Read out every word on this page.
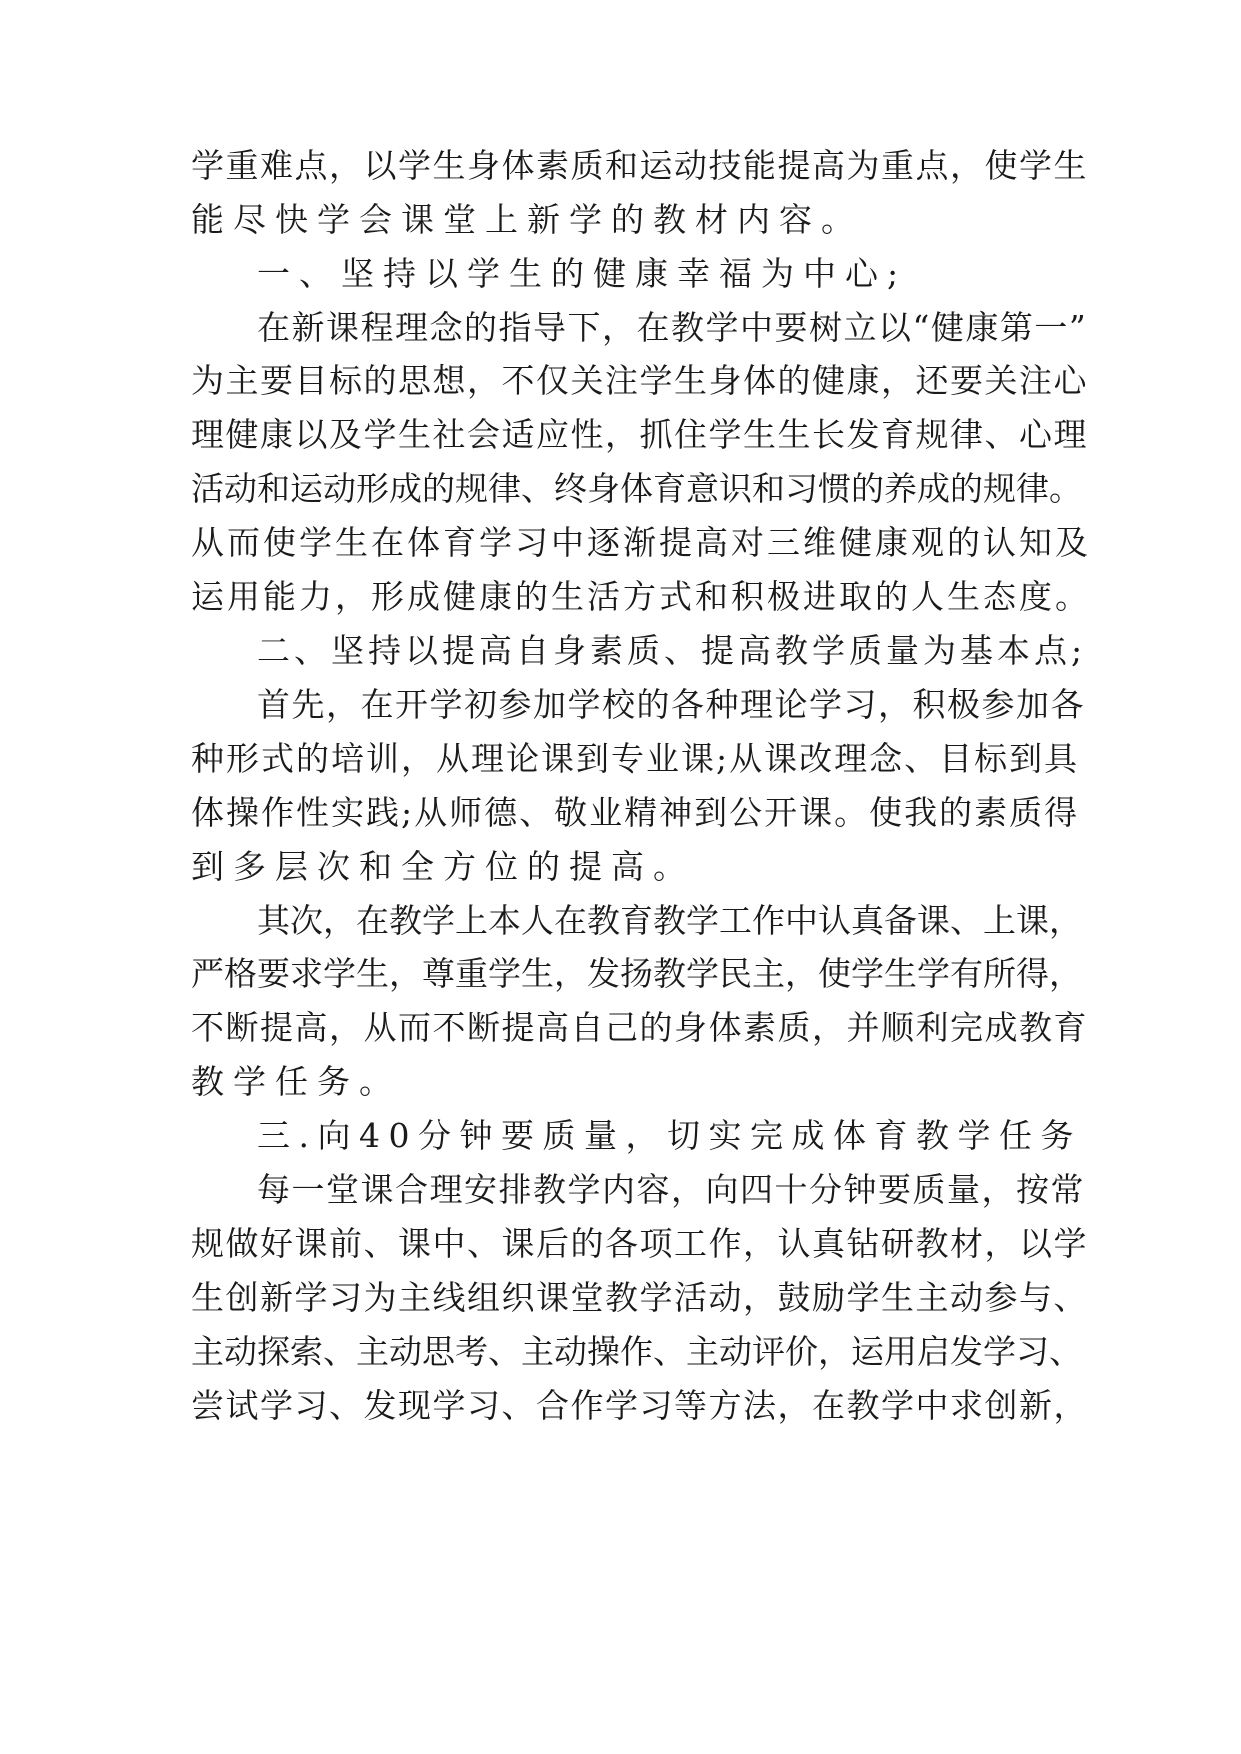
学重难点，以学生身体素质和运动技能提高为重点，使学生
能尽快学会课堂上新学的教材内容。
一、坚持以学生的健康幸福为中心;
在新课程理念的指导下，在教学中要树立以“健康第一”
为主要目标的思想，不仅关注学生身体的健康，还要关注心
理健康以及学生社会适应性，抓住学生生长发育规律、心理
活动和运动形成的规律、终身体育意识和习惯的养成的规律。
从而使学生在体育学习中逐渐提高对三维健康观的认知及
运用能力，形成健康的生活方式和积极进取的人生态度。
二、坚持以提高自身素质、提高教学质量为基本点;
首先，在开学初参加学校的各种理论学习，积极参加各
种形式的培训，从理论课到专业课;从课改理念、目标到具
体操作性实践;从师德、敬业精神到公开课。使我的素质得
到多层次和全方位的提高。
其次，在教学上本人在教育教学工作中认真备课、上课，
严格要求学生，尊重学生，发扬教学民主，使学生学有所得，
不断提高，从而不断提高自己的身体素质，并顺利完成教育
教学任务。
三.向40分钟要质量，切实完成体育教学任务
每一堂课合理安排教学内容，向四十分钟要质量，按常
规做好课前、课中、课后的各项工作，认真钻研教材，以学
生创新学习为主线组织课堂教学活动，鼓励学生主动参与、
主动探索、主动思考、主动操作、主动评价，运用启发学习、
尝试学习、发现学习、合作学习等方法，在教学中求创新，
